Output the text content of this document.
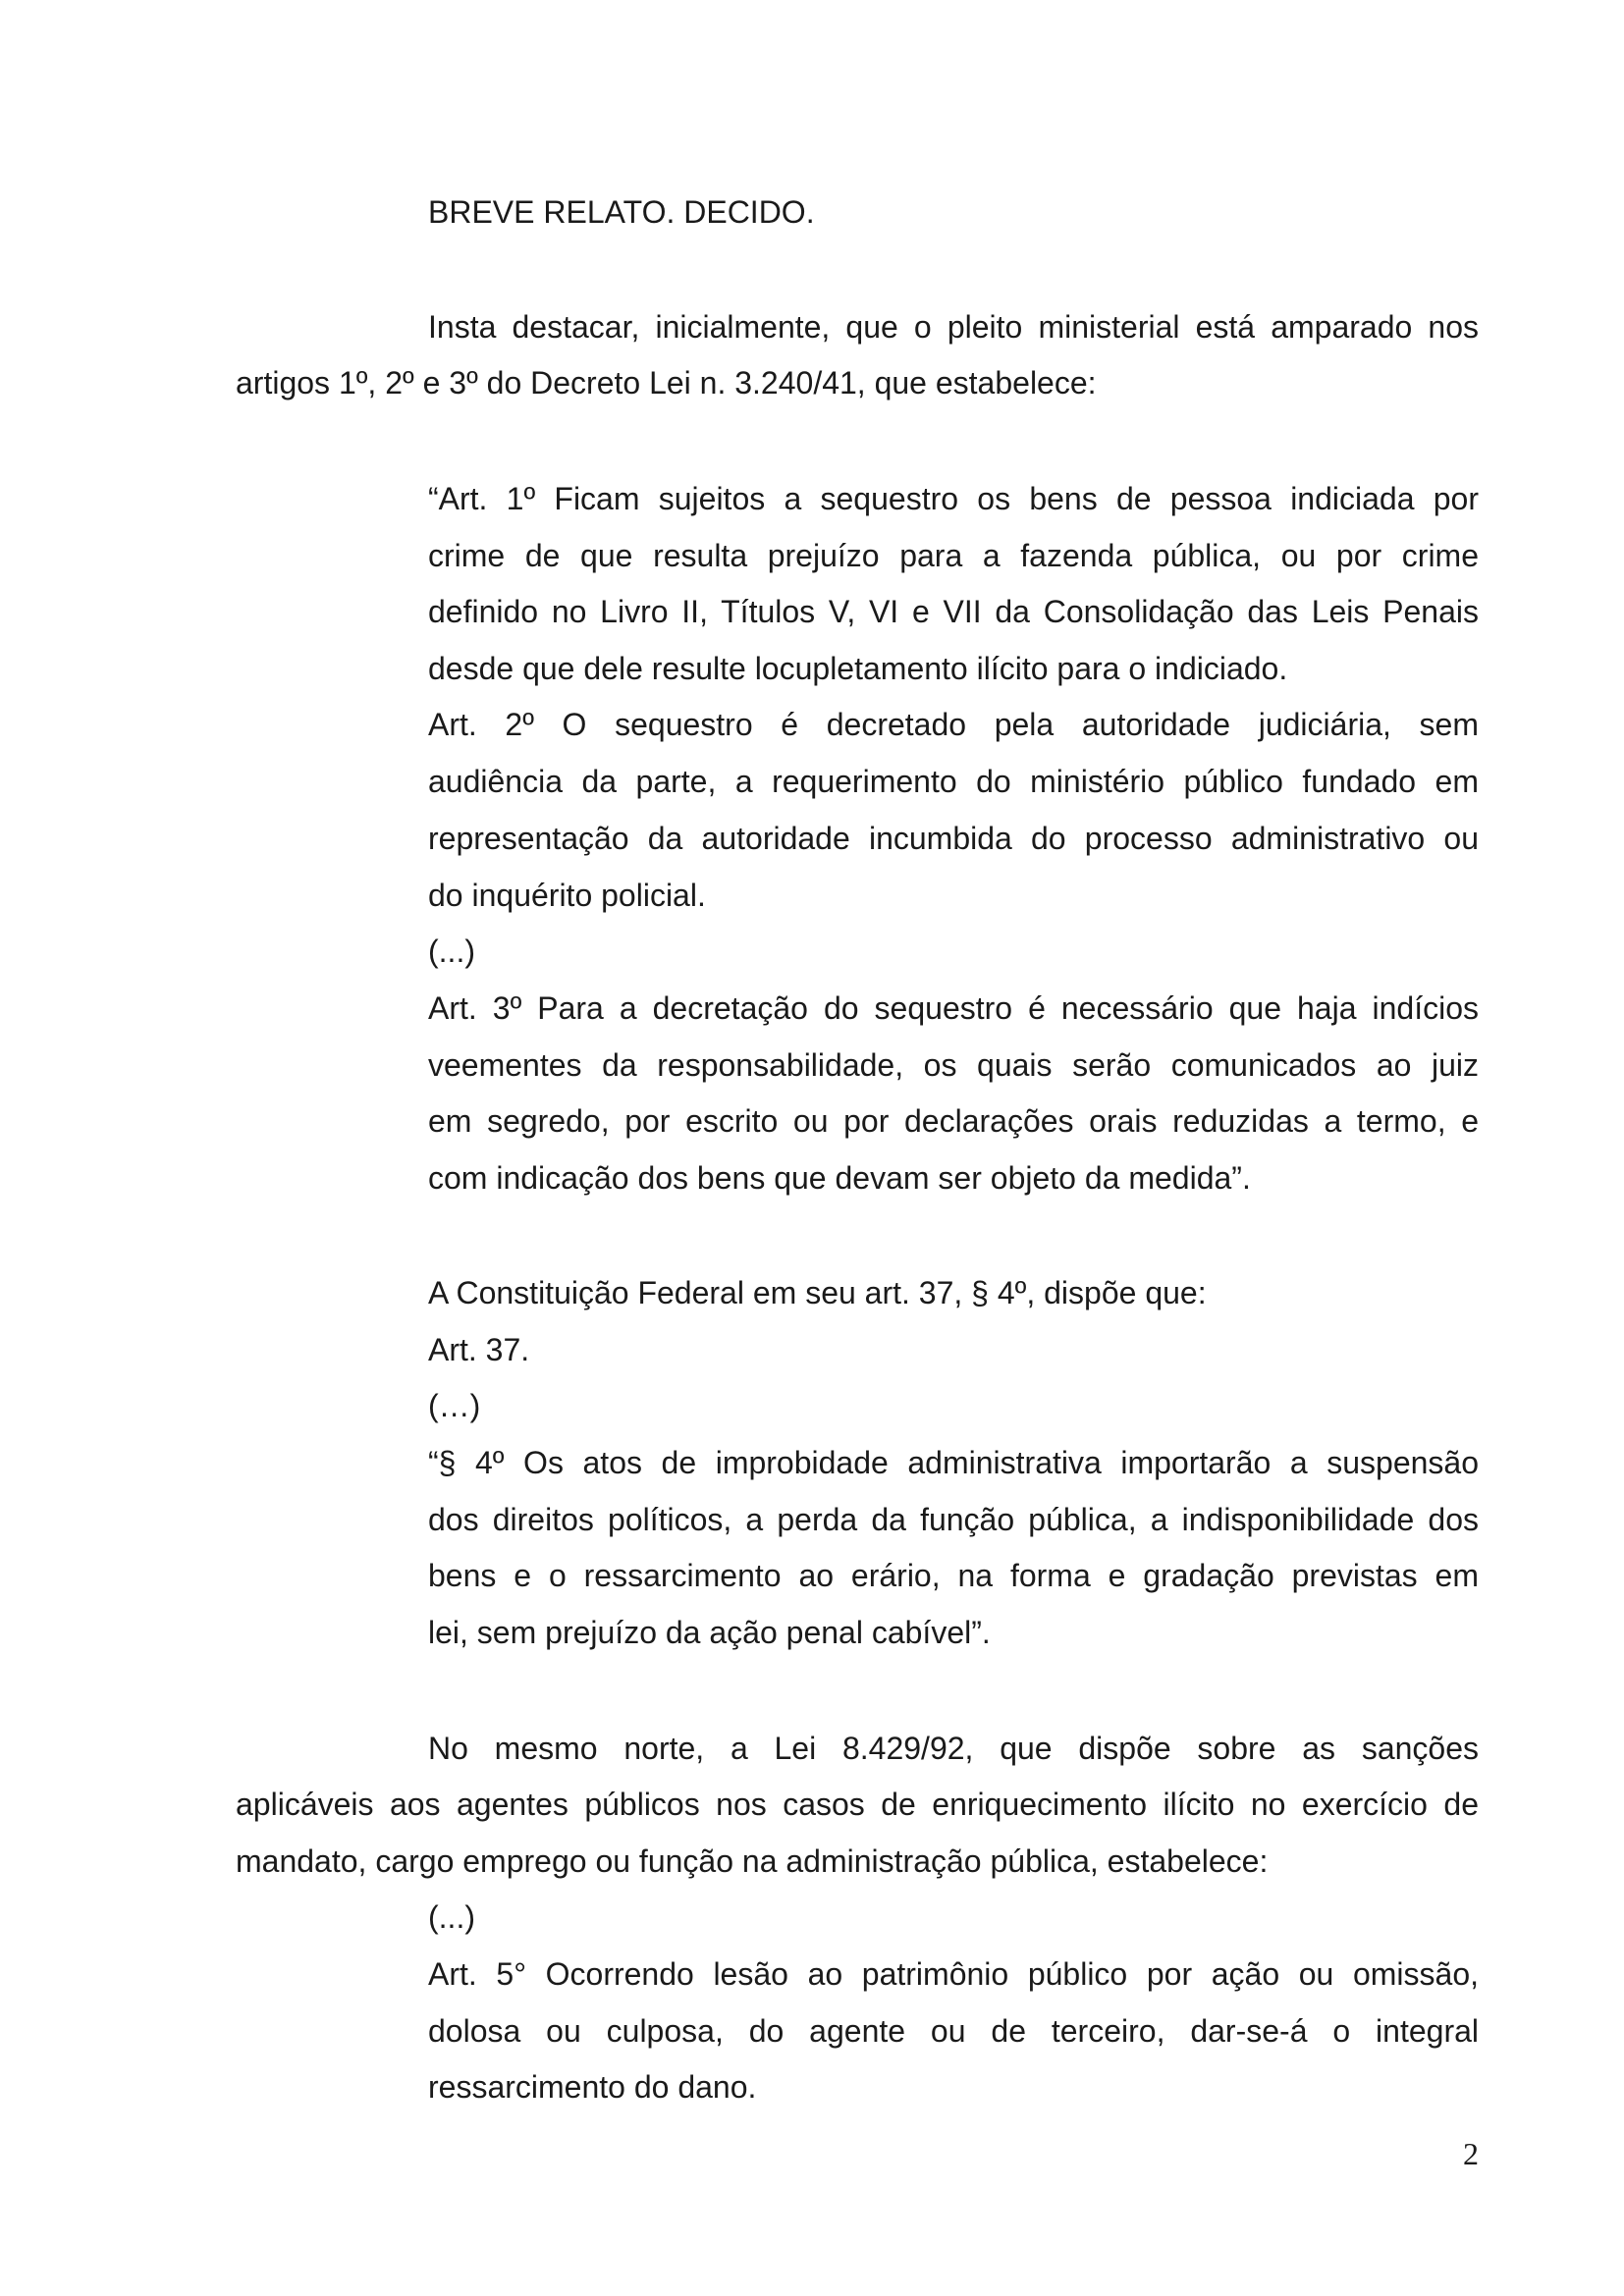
BREVE RELATO. DECIDO.
Insta destacar, inicialmente, que o pleito ministerial está amparado nos
artigos 1º, 2º e 3º do Decreto Lei n. 3.240/41, que estabelece:
“Art. 1º Ficam sujeitos a sequestro os bens de pessoa indiciada por
crime de que resulta prejuízo para a fazenda pública, ou por crime
definido no Livro II, Títulos V, VI e VII da Consolidação das Leis Penais
desde que dele resulte locupletamento ilícito para o indiciado.
Art. 2º O sequestro é decretado pela autoridade judiciária, sem
audiência da parte, a requerimento do ministério público fundado em
representação da autoridade incumbida do processo administrativo ou
do inquérito policial.
(...)
Art. 3º Para a decretação do sequestro é necessário que haja indícios
veementes da responsabilidade, os quais serão comunicados ao juiz
em segredo, por escrito ou por declarações orais reduzidas a termo, e
com indicação dos bens que devam ser objeto da medida”.
A Constituição Federal em seu art. 37, § 4º, dispõe que:
Art. 37.
(…)
“§ 4º Os atos de improbidade administrativa importarão a suspensão
dos direitos políticos, a perda da função pública, a indisponibilidade dos
bens e o ressarcimento ao erário, na forma e gradação previstas em
lei, sem prejuízo da ação penal cabível”.
No mesmo norte, a Lei 8.429/92, que dispõe sobre as sanções
aplicáveis aos agentes públicos nos casos de enriquecimento ilícito no exercício de
mandato, cargo emprego ou função na administração pública, estabelece:
(...)
Art. 5° Ocorrendo lesão ao patrimônio público por ação ou omissão,
dolosa ou culposa, do agente ou de terceiro, dar-se-á o integral
ressarcimento do dano.
2
